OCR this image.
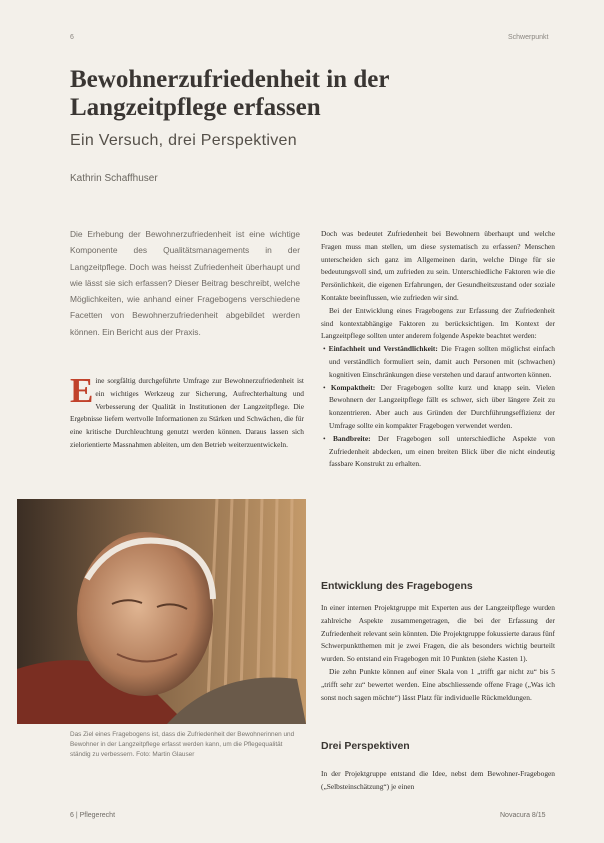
6	Schwerpunkt
Bewohnerzufriedenheit in der Langzeitpflege erfassen
Ein Versuch, drei Perspektiven
Kathrin Schaffhuser
Die Erhebung der Bewohnerzufriedenheit ist eine wichtige Komponente des Qualitätsmanagements in der Langzeitpflege. Doch was heisst Zufriedenheit überhaupt und wie lässt sie sich erfassen? Dieser Beitrag beschreibt, welche Möglichkeiten, wie anhand einer Fragebogens verschiedene Facetten von Bewohnerzufriedenheit abgebildet werden können. Ein Bericht aus der Praxis.
Eine sorgfältig durchgeführte Umfrage zur Bewohnerzufriedenheit ist ein wichtiges Werkzeug zur Sicherung, Aufrechterhaltung und Verbesserung der Qualität in Institutionen der Langzeitpflege. Die Ergebnisse liefern wertvolle Informationen zu Stärken und Schwächen, die für eine kritische Durchleuchtung genutzt werden können. Daraus lassen sich zielorientierte Massnahmen ableiten, um den Betrieb weiterzuentwickeln.
Das Ziel eines Fragebogens ist, dass die Zufriedenheit der Bewohnerinnen und Bewohner in der Langzeitpflege erfasst werden kann, um die Pflegequalität ständig zu verbessern. Foto: Martin Glauser

Doch was bedeutet Zufriedenheit bei Bewohnern überhaupt und welche Fragen muss man stellen, um diese systematisch zu erfassen? Menschen unterscheiden sich ganz im Allgemeinen darin, welche Dinge für sie bedeutungsvoll sind, um zufrieden zu sein. Unterschiedliche Faktoren wie die Persönlichkeit, die eigenen Erfahrungen, der Gesundheitszustand oder soziale Kontakte beeinflussen, wie zufrieden wir sind.

Bei der Entwicklung eines Fragebogens zur Erfassung der Zufriedenheit sind kontextabhängige Faktoren zu berücksichtigen. Im Kontext der Langzeitpflege sollten unter anderem folgende Aspekte beachtet werden:

• Einfachheit und Verständlichkeit: Die Fragen sollten möglichst einfach und verständlich formuliert sein, damit auch Personen mit (schwachen) kognitiven Einschränkungen diese verstehen und darauf antworten können.
• Kompaktheit: Der Fragebogen sollte kurz und knapp sein. Vielen Bewohnern der Langzeitpflege fällt es schwer, sich über längere Zeit zu konzentrieren. Aber auch aus Gründen der Durchführungseffizienz der Umfrage sollte ein kompakter Fragebogen verwendet werden.
• Bandbreite: Der Fragebogen soll unterschiedliche Aspekte von Zufriedenheit abdecken, um einen breiten Blick über die nicht eindeutig fassbare Konstrukt zu erhalten.
Entwicklung des Fragebogens

In einer internen Projektgruppe mit Experten aus der Langzeitpflege wurden zahlreiche Aspekte zusammengetragen, die bei der Erfassung der Zufriedenheit relevant sein könnten. Die Projektgruppe fokussierte daraus fünf Schwerpunktthemen mit je zwei Fragen, die als besonders wichtig beurteilt wurden. So entstand ein Fragebogen mit 10 Punkten (siehe Kasten 1).

Die zehn Punkte können auf einer Skala von 1 „trifft gar nicht zu“ bis 5 „trifft sehr zu“ bewertet werden. Eine abschliessende offene Frage („Was ich sonst noch sagen möchte“) lässt Platz für individuelle Rückmeldungen.

Drei Perspektiven
In der Projektgruppe entstand die Idee, nebst dem Bewohner-Fragebogen („Selbsteinschätzung“) je einen
6 | Pflegerecht	Novacura 8/15
